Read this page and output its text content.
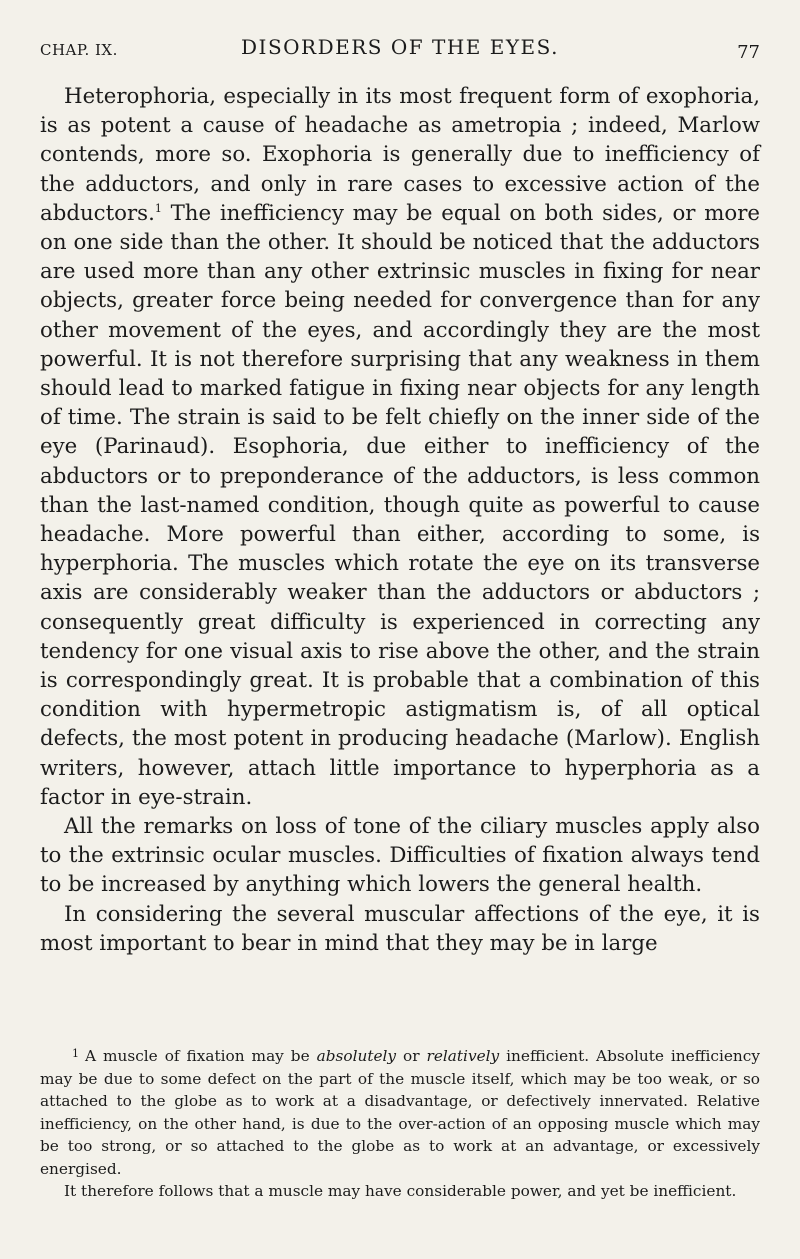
CHAP. IX.	DISORDERS OF THE EYES.	77

Heterophoria, especially in its most frequent form of exophoria, is as potent a cause of headache as ametropia ; indeed, Marlow contends, more so. Exophoria is generally due to inefficiency of the adductors, and only in rare cases to excessive action of the abductors.$^1$ The inefficiency may be equal on both sides, or more on one side than the other. It should be noticed that the adductors are used more than any other extrinsic muscles in fixing for near objects, greater force being needed for convergence than for any other movement of the eyes, and accordingly they are the most powerful. It is not therefore surprising that any weakness in them should lead to marked fatigue in fixing near objects for any length of time. The strain is said to be felt chiefly on the inner side of the eye (Parinaud). Esophoria, due either to inefficiency of the abductors or to preponderance of the adductors, is less common than the last-named condition, though quite as powerful to cause headache. More powerful than either, according to some, is hyperphoria. The muscles which rotate the eye on its transverse axis are considerably weaker than the adductors or abductors ; consequently great difficulty is experienced in correcting any tendency for one visual axis to rise above the other, and the strain is correspondingly great. It is probable that a combination of this condition with hypermetropic astigmatism is, of all optical defects, the most potent in producing headache (Marlow). English writers, however, attach little importance to hyperphoria as a factor in eye-strain.

All the remarks on loss of tone of the ciliary muscles apply also to the extrinsic ocular muscles. Difficulties of fixation always tend to be increased by anything which lowers the general health.

In considering the several muscular affections of the eye, it is most important to bear in mind that they may be in large

$^1$ A muscle of fixation may be absolutely or relatively inefficient. Absolute inefficiency may be due to some defect on the part of the muscle itself, which may be too weak, or so attached to the globe as to work at a disadvantage, or defectively innervated. Relative inefficiency, on the other hand, is due to the over-action of an opposing muscle which may be too strong, or so attached to the globe as to work at an advantage, or excessively energised.

It therefore follows that a muscle may have considerable power, and yet be inefficient.
